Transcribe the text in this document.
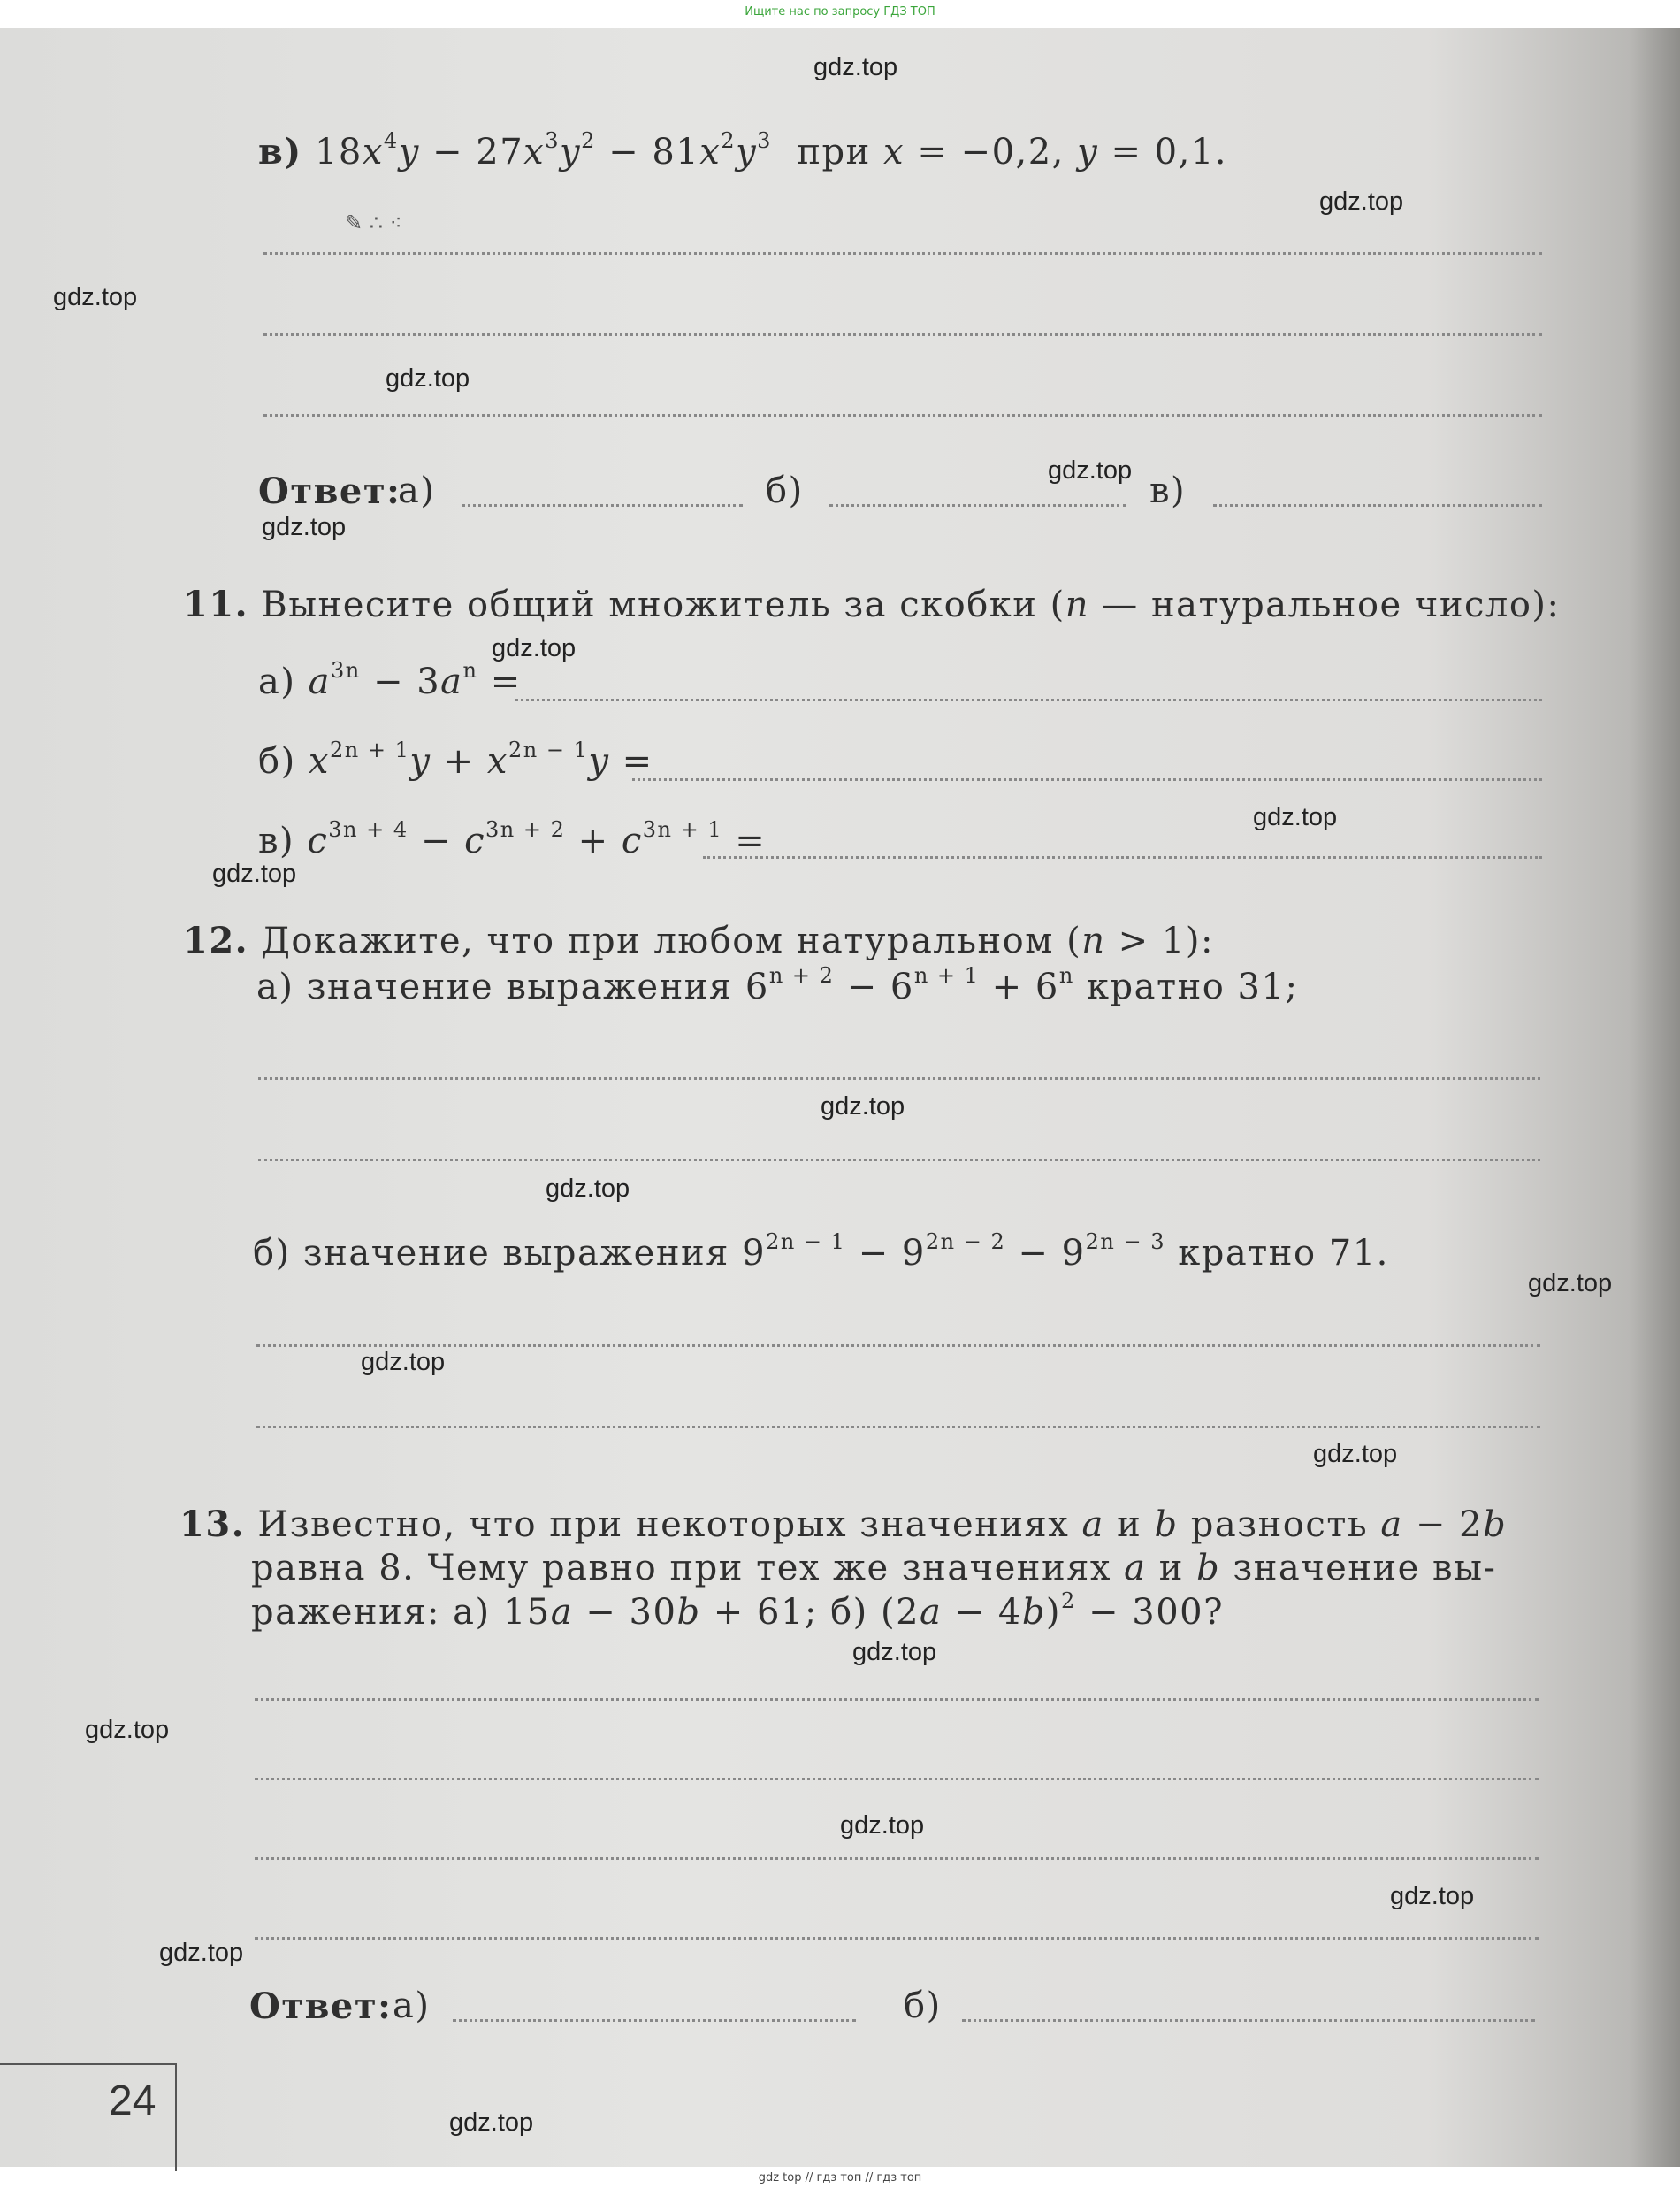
Ищите нас по запросу ГДЗ ТОП
в) $18x^4y - 27x^3y^2 - 81x^2y^3$ при x = −0,2, y = 0,1.
✎ ∴ ⁖
Ответ:
а)	б)	в)
11. Вынесите общий множитель за скобки (n — натуральное число):
а) $a^{3n} - 3a^n$ =
б) $x^{2n + 1}y + x^{2n - 1}y$ =
в) $c^{3n + 4} - c^{3n + 2} + c^{3n + 1}$ =
12. Докажите, что при любом натуральном (n > 1):
а) значение выражения $6^{n + 2} - 6^{n + 1} + 6^n$ кратно 31;
б) значение выражения $9^{2n - 1} - 9^{2n - 2} - 9^{2n - 3}$ кратно 71.
13. Известно, что при некоторых значениях a и b разность a − 2b
равна 8. Чему равно при тех же значениях a и b значение вы-
ражения: а) 15a − 30b + 61; б) $(2a - 4b)^2 - 300$?
Ответ: а)	б)
24
gdz.top
gdz.top
gdz.top
gdz.top
gdz.top
gdz.top
gdz.top
gdz.top
gdz.top
gdz.top
gdz.top
gdz.top
gdz.top
gdz.top
gdz.top
gdz.top
gdz.top
gdz.top
gdz.top
gdz.top
gdz top // гдз топ // гдз топ
